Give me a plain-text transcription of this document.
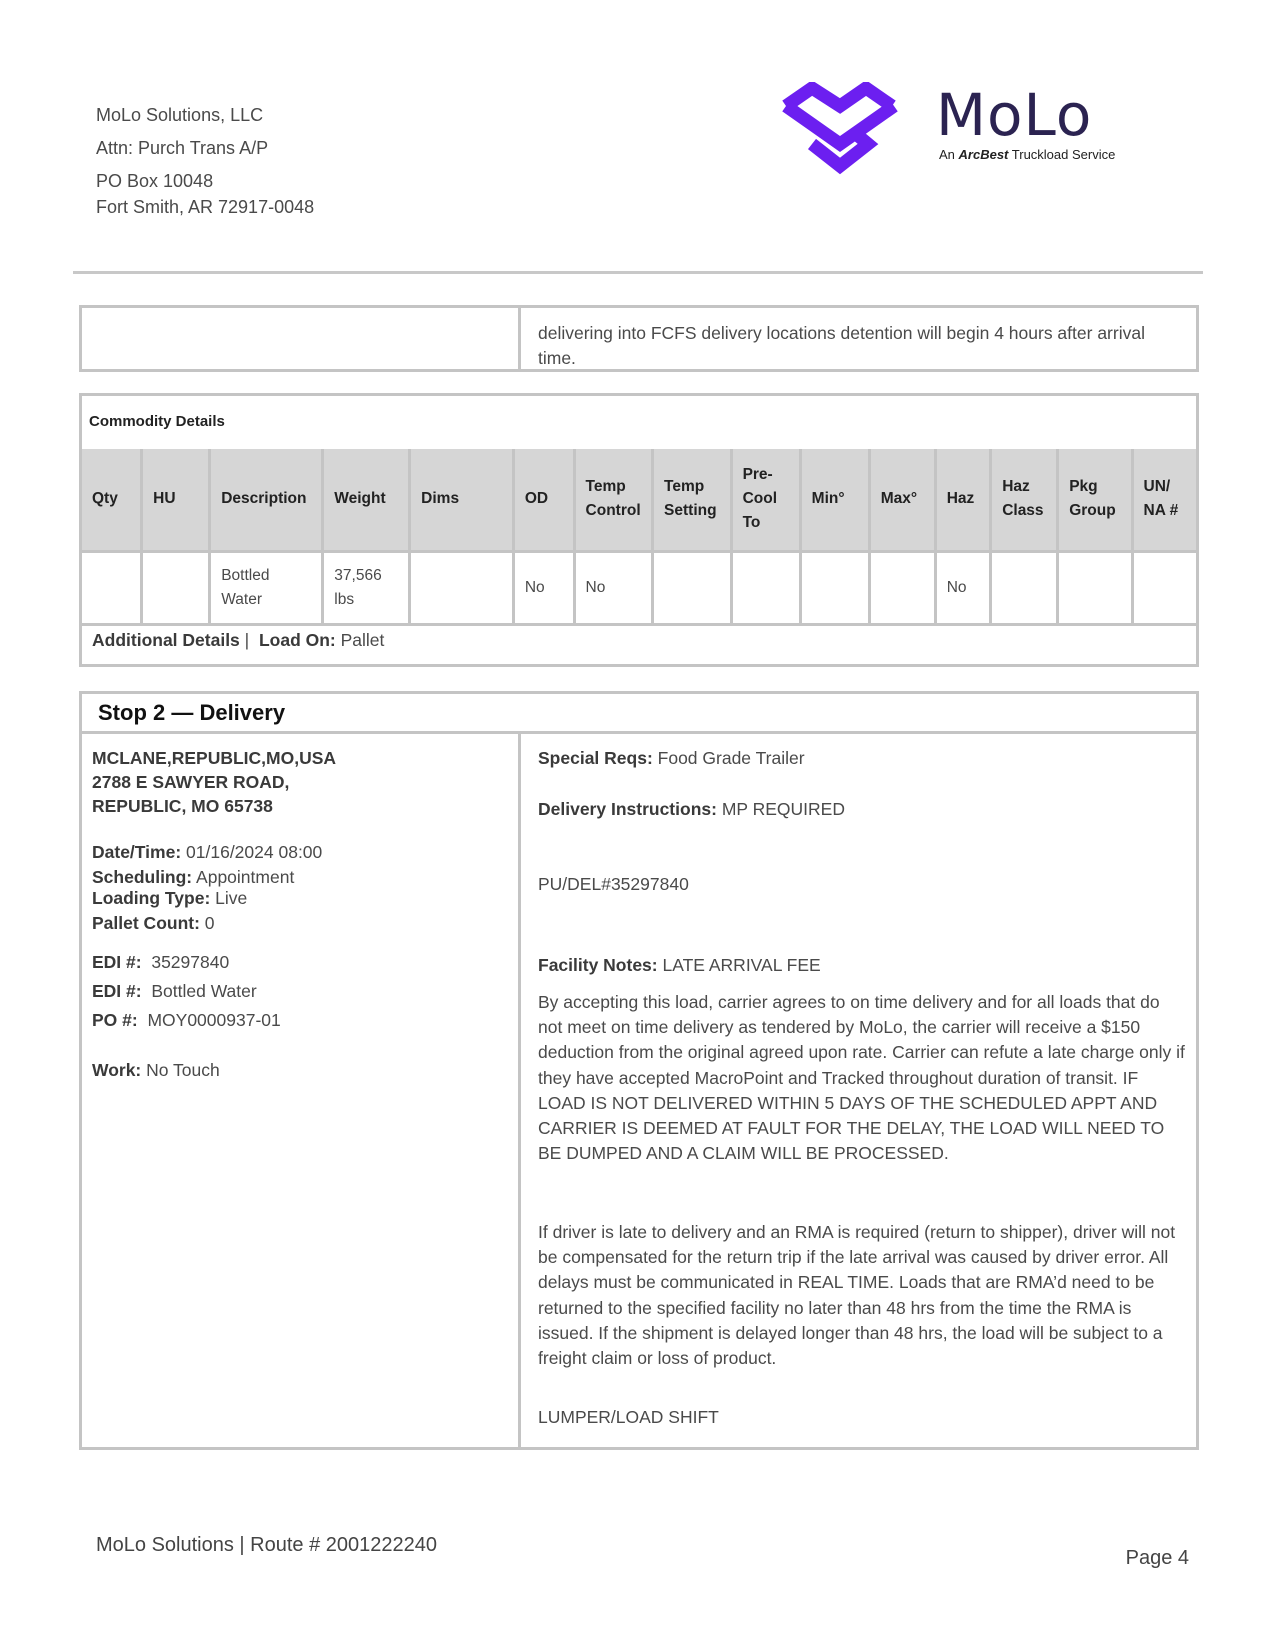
MoLo Solutions, LLC
Attn: Purch Trans A/P
PO Box 10048
Fort Smith, AR 72917-0048
MoLo
An ArcBest Truckload Service
delivering into FCFS delivery locations detention will begin 4 hours after arrival time.
Commodity Details
Qty	HU	Description	Weight	Dims	OD	Temp Control	Temp Setting	Pre-Cool To	Min°	Max°	Haz	Haz Class	Pkg Group	UN/ NA #
		Bottled Water	37,566 lbs		No	No					No			
Additional Details | Load On: Pallet
Stop 2 — Delivery
MCLANE,REPUBLIC,MO,USA
2788 E SAWYER ROAD,
REPUBLIC, MO 65738
Date/Time: 01/16/2024 08:00
Scheduling: Appointment
Loading Type: Live
Pallet Count: 0
EDI #: 35297840
EDI #: Bottled Water
PO #: MOY0000937-01
Work: No Touch
Special Reqs: Food Grade Trailer
Delivery Instructions: MP REQUIRED
PU/DEL#35297840
Facility Notes: LATE ARRIVAL FEE
By accepting this load, carrier agrees to on time delivery and for all loads that do not meet on time delivery as tendered by MoLo, the carrier will receive a $150 deduction from the original agreed upon rate. Carrier can refute a late charge only if they have accepted MacroPoint and Tracked throughout duration of transit. IF LOAD IS NOT DELIVERED WITHIN 5 DAYS OF THE SCHEDULED APPT AND CARRIER IS DEEMED AT FAULT FOR THE DELAY, THE LOAD WILL NEED TO BE DUMPED AND A CLAIM WILL BE PROCESSED.
If driver is late to delivery and an RMA is required (return to shipper), driver will not be compensated for the return trip if the late arrival was caused by driver error. All delays must be communicated in REAL TIME. Loads that are RMA’d need to be returned to the specified facility no later than 48 hrs from the time the RMA is issued. If the shipment is delayed longer than 48 hrs, the load will be subject to a freight claim or loss of product.
LUMPER/LOAD SHIFT
MoLo Solutions | Route # 2001222240
Page 4
